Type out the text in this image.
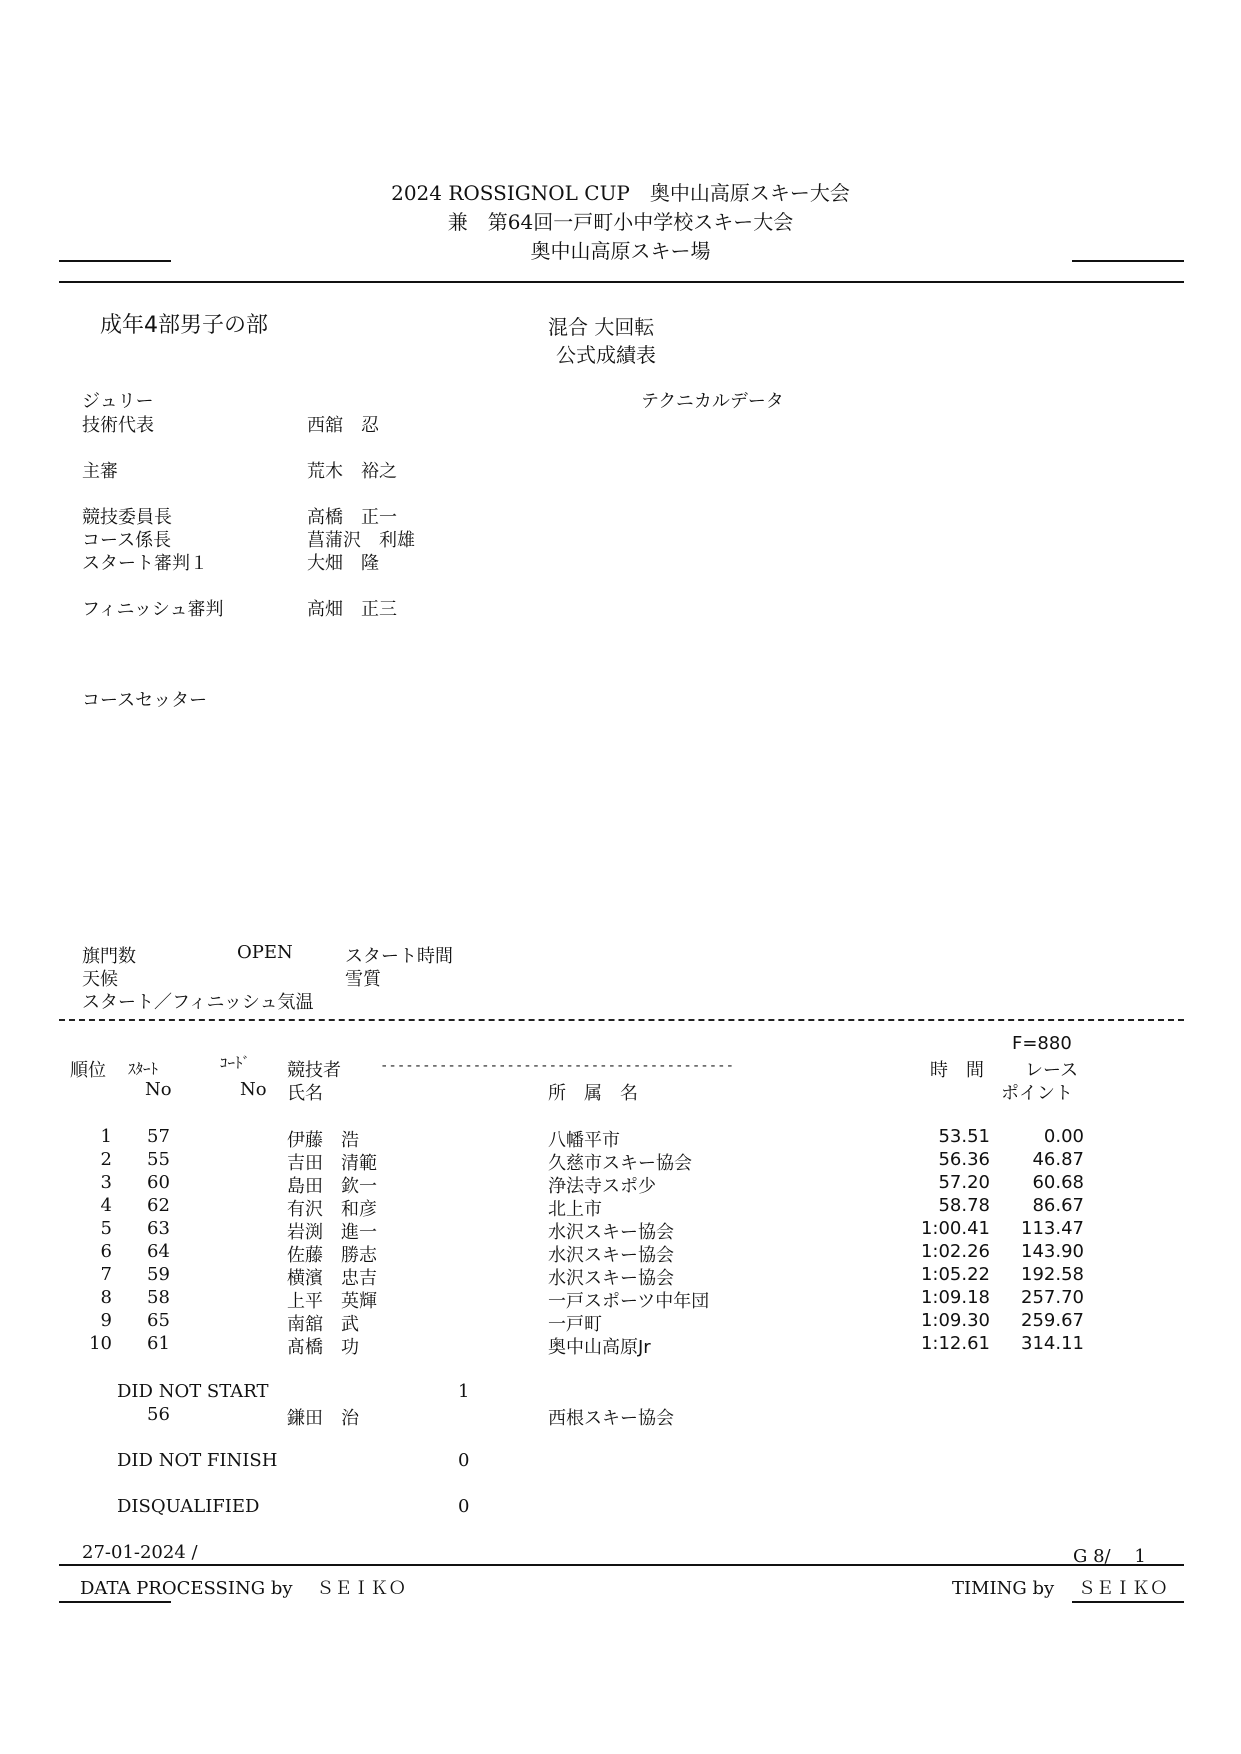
2024 ROSSIGNOL CUP　奥中山高原スキー大会
兼　第64回一戸町小中学校スキー大会
奥中山高原スキー場
成年4部男子の部	混合 大回転
公式成績表
ジュリー	テクニカルデータ
技術代表	西舘　忍
主審	荒木　裕之
競技委員長	高橋　正一
コース係長	菖蒲沢　利雄
スタート審判１	大畑　隆
フィニッシュ審判	高畑　正三
コースセッター
旗門数	OPEN	スタート時間
天候	雪質
スタート／フィニッシュ気温
F=880
順位 ｽﾀｰﾄ	ｺｰﾄﾞ 競技者	------------------------------------------	時　間 レース
No	No 氏名	所　属　名	ポイント
1 57	伊藤　浩	八幡平市	53.51	0.00
2 55	吉田　清範	久慈市スキー協会	56.36	46.87
3 60	島田　欽一	浄法寺スポ少	57.20	60.68
4 62	有沢　和彦	北上市	58.78	86.67
5 63	岩渕　進一	水沢スキー協会	1:00.41	113.47
6 64	佐藤　勝志	水沢スキー協会	1:02.26	143.90
7 59	横濱　忠吉	水沢スキー協会	1:05.22	192.58
8 58	上平　英輝	一戸スポーツ中年団	1:09.18	257.70
9 65	南舘　武	一戸町	1:09.30	259.67
10 61	髙橋　功	奥中山高原Jr	1:12.61	314.11
DID NOT START	1
56	鎌田　治	西根スキー協会
DID NOT FINISH	0
DISQUALIFIED	0
27-01-2024 /	G 8/　 1
DATA PROCESSING by 　ＳＥＩＫＯ	TIMING by 　ＳＥＩＫＯ
